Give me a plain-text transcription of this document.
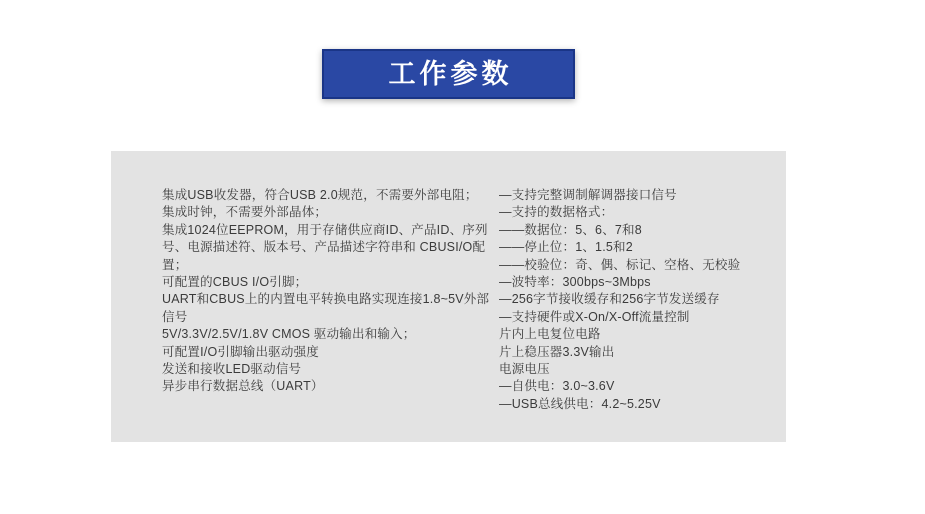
工作参数
集成USB收发器，符合USB 2.0规范，不需要外部电阻；
集成时钟，不需要外部晶体；
集成1024位EEPROM，用于存储供应商ID、产品ID、序列
号、电源描述符、版本号、产品描述字符串和 CBUSI/O配
置；
可配置的CBUS I/O引脚；
UART和CBUS上的内置电平转换电路实现连接1.8~5V外部
信号
5V/3.3V/2.5V/1.8V CMOS 驱动输出和输入；
可配置I/O引脚输出驱动强度
发送和接收LED驱动信号
异步串行数据总线（UART）
—支持完整调制解调器接口信号
—支持的数据格式：
——数据位：5、6、7和8
——停止位：1、1.5和2
——校验位：奇、偶、标记、空格、无校验
—波特率：300bps~3Mbps
—256字节接收缓存和256字节发送缓存
—支持硬件或X-On/X-Off流量控制
片内上电复位电路
片上稳压器3.3V输出
电源电压
—自供电：3.0~3.6V
—USB总线供电：4.2~5.25V
